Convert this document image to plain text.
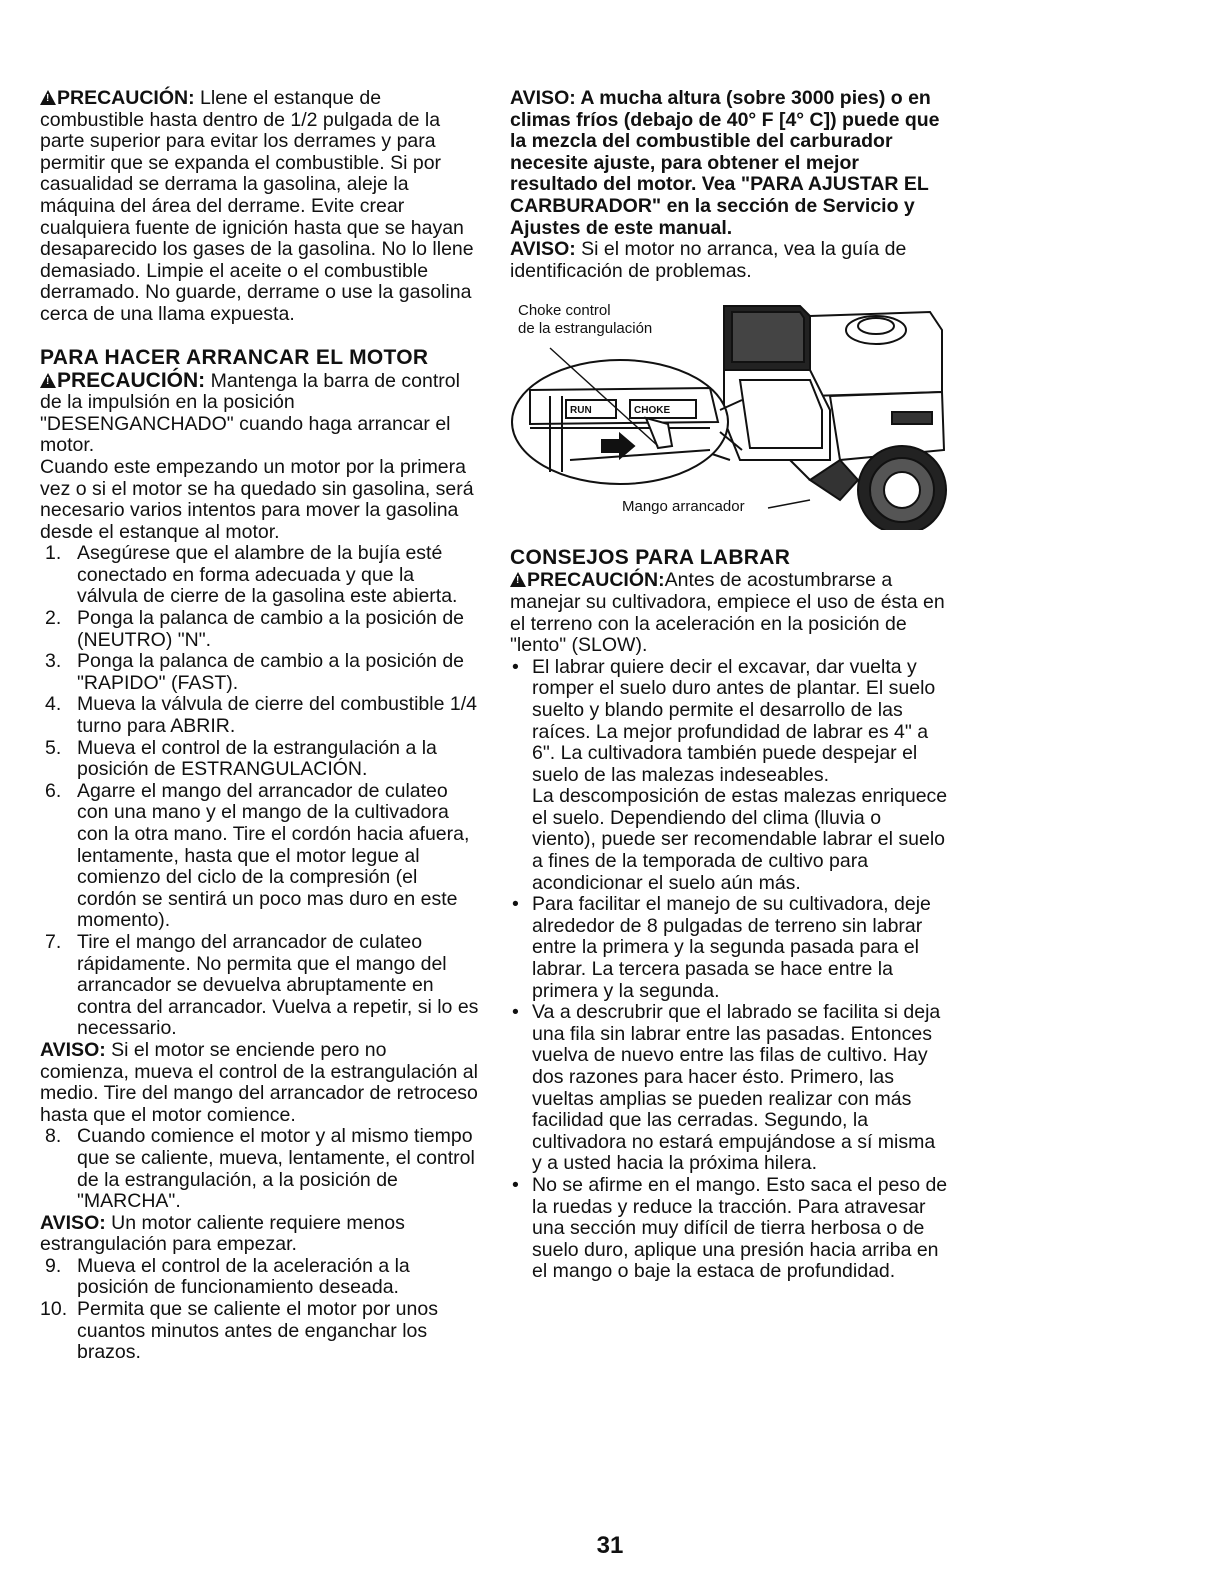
!PRECAUCIÓN: Llene el estanque de combustible hasta dentro de 1/2 pulgada de la parte superior para evitar los derrames y para permitir que se expanda el combustible. Si por casualidad se derrama la gasolina, aleje la máquina del área del derrame. Evite crear cualquiera fuente de ignición hasta que se hayan desaparecido los gases de la gasolina. No lo llene demasiado. Limpie el aceite o el combustible derramado. No guarde, derrame o use la gasolina cerca de una llama expuesta.

PARA HACER ARRANCAR EL MOTOR

!PRECAUCIÓN: Mantenga la barra de control de la impulsión en la posición "DESENGANCHADO" cuando haga arrancar el motor.

Cuando este empezando un motor por la primera vez o si el motor se ha quedado sin gasolina, será necesario varios intentos para mover la gasolina desde el estanque al motor.

1. Asegúrese que el alambre de la bujía esté conectado en forma adecuada y que la válvula de cierre de la gasolina este abierta.
2. Ponga la palanca de cambio a la posición de (NEUTRO) "N".
3. Ponga la palanca de cambio a la posición de "RAPIDO" (FAST).
4. Mueva la válvula de cierre del combustible 1/4 turno para ABRIR.
5. Mueva el control de la estrangulación a la posición de ESTRANGULACIÓN.
6. Agarre el mango del arrancador de culateo con una mano y el mango de la cultivadora con la otra mano. Tire el cordón hacia afuera, lentamente, hasta que el motor legue al comienzo del ciclo de la compresión (el cordón se sentirá un poco mas duro en este momento).
7. Tire el mango del arrancador de culateo rápidamente. No permita que el mango del arrancador se devuelva abruptamente en contra del arrancador. Vuelva a repetir, si lo es necessario.

AVISO: Si el motor se enciende pero no comienza, mueva el control de la estrangulación al medio. Tire del mango del arrancador de retroceso hasta que el motor comience.

8. Cuando comience el motor y al mismo tiempo que se caliente, mueva, lentamente, el control de la estrangulación, a la posición de "MARCHA".

AVISO: Un motor caliente requiere menos estrangulación para empezar.

9. Mueva el control de la aceleración a la posición de funcionamiento deseada.
10. Permita que se caliente el motor por unos cuantos minutos antes de enganchar los brazos.

AVISO: A mucha altura (sobre 3000 pies) o en climas fríos (debajo de 40° F [4° C]) puede que la mezcla del combustible del carburador necesite ajuste, para obtener el mejor resultado del motor. Vea "PARA AJUSTAR EL CARBURADOR" en la sección de Servicio y Ajustes de este manual.

AVISO: Si el motor no arranca, vea la guía de identificación de problemas.

RUN	CHOKE
Choke control
de la estrangulación
Mango arrancador
CONSEJOS PARA LABRAR

!PRECAUCIÓN:Antes de acostumbrarse a manejar su cultivadora, empiece el uso de ésta en el terreno con la aceleración en la posición de "lento" (SLOW).

• El labrar quiere decir el excavar, dar vuelta y romper el suelo duro antes de plantar. El suelo suelto y blando permite el desarrollo de las raíces. La mejor profundidad de labrar es 4" a 6". La cultivadora también puede despejar el suelo de las malezas indeseables.
La descomposición de estas malezas enriquece el suelo. Dependiendo del clima (lluvia o viento), puede ser recomendable labrar el suelo a fines de la temporada de cultivo para acondicionar el suelo aún más.
• Para facilitar el manejo de su cultivadora, deje alrededor de 8 pulgadas de terreno sin labrar entre la primera y la segunda pasada para el labrar. La tercera pasada se hace entre la primera y la segunda.
• Va a descrubrir que el labrado se facilita si deja una fila sin labrar entre las pasadas. Entonces vuelva de nuevo entre las filas de cultivo. Hay dos razones para hacer ésto. Primero, las vueltas amplias se pueden realizar con más facilidad que las cerradas. Segundo, la cultivadora no estará empujándose a sí misma y a usted hacia la próxima hilera.
• No se afirme en el mango. Esto saca el peso de la ruedas y reduce la tracción. Para atravesar una sección muy difícil de tierra herbosa o de suelo duro, aplique una presión hacia arriba en el mango o baje la estaca de profundidad.
31
